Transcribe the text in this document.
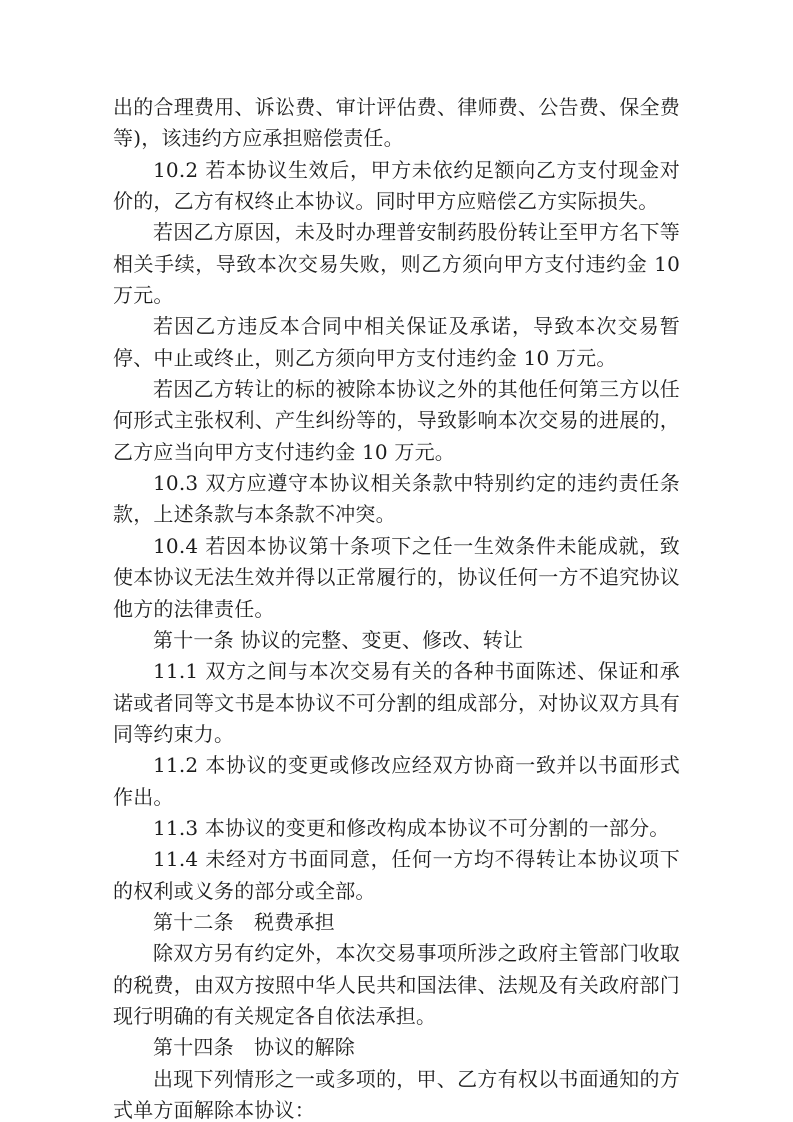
出的合理费用、诉讼费、审计评估费、律师费、公告费、保全费等)，该违约方应承担赔偿责任。

10.2 若本协议生效后，甲方未依约足额向乙方支付现金对价的，乙方有权终止本协议。同时甲方应赔偿乙方实际损失。

若因乙方原因，未及时办理普安制药股份转让至甲方名下等相关手续，导致本次交易失败，则乙方须向甲方支付违约金 10 万元。

若因乙方违反本合同中相关保证及承诺，导致本次交易暂停、中止或终止，则乙方须向甲方支付违约金 10 万元。

若因乙方转让的标的被除本协议之外的其他任何第三方以任何形式主张权利、产生纠纷等的，导致影响本次交易的进展的，乙方应当向甲方支付违约金 10 万元。

10.3 双方应遵守本协议相关条款中特别约定的违约责任条款，上述条款与本条款不冲突。

10.4 若因本协议第十条项下之任一生效条件未能成就，致使本协议无法生效并得以正常履行的，协议任何一方不追究协议他方的法律责任。

第十一条 协议的完整、变更、修改、转让

11.1 双方之间与本次交易有关的各种书面陈述、保证和承诺或者同等文书是本协议不可分割的组成部分，对协议双方具有同等约束力。

11.2 本协议的变更或修改应经双方协商一致并以书面形式作出。

11.3 本协议的变更和修改构成本协议不可分割的一部分。

11.4 未经对方书面同意，任何一方均不得转让本协议项下的权利或义务的部分或全部。

第十二条　税费承担

除双方另有约定外，本次交易事项所涉之政府主管部门收取的税费，由双方按照中华人民共和国法律、法规及有关政府部门现行明确的有关规定各自依法承担。

第十四条　协议的解除

出现下列情形之一或多项的，甲、乙方有权以书面通知的方式单方面解除本协议：
